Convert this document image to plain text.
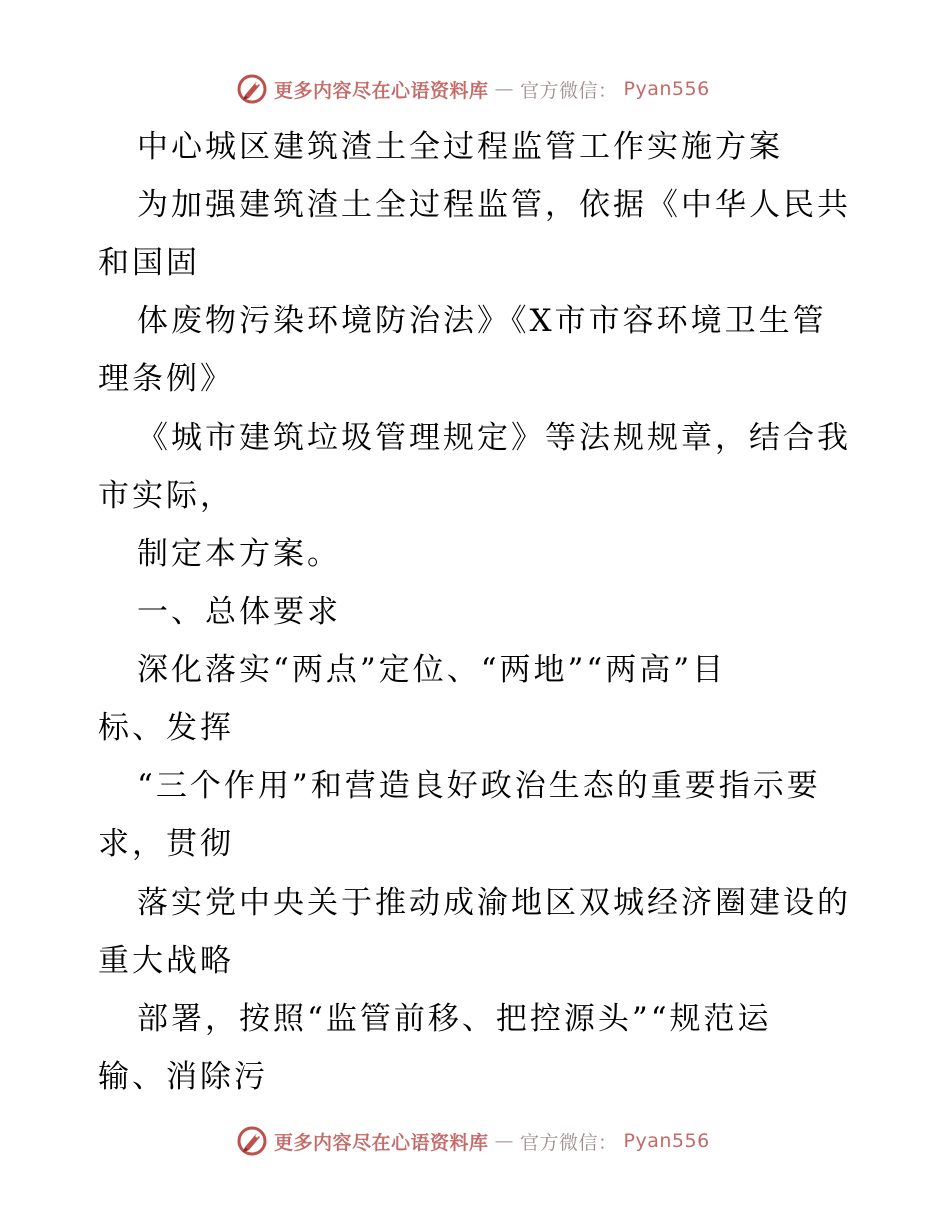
更多内容尽在心语资料库 — 官方微信： Pyan556
中心城区建筑渣土全过程监管工作实施方案
为加强建筑渣土全过程监管，依据《中华人民共
和国固
体废物污染环境防治法》《X市市容环境卫生管
理条例》
《城市建筑垃圾管理规定》等法规规章，结合我
市实际，
制定本方案。
一、总体要求
深化落实“两点”定位、“两地”“两高”目
标、发挥
“三个作用”和营造良好政治生态的重要指示要
求，贯彻
落实党中央关于推动成渝地区双城经济圈建设的
重大战略
部署，按照“监管前移、把控源头”“规范运
输、消除污
更多内容尽在心语资料库 — 官方微信： Pyan556
